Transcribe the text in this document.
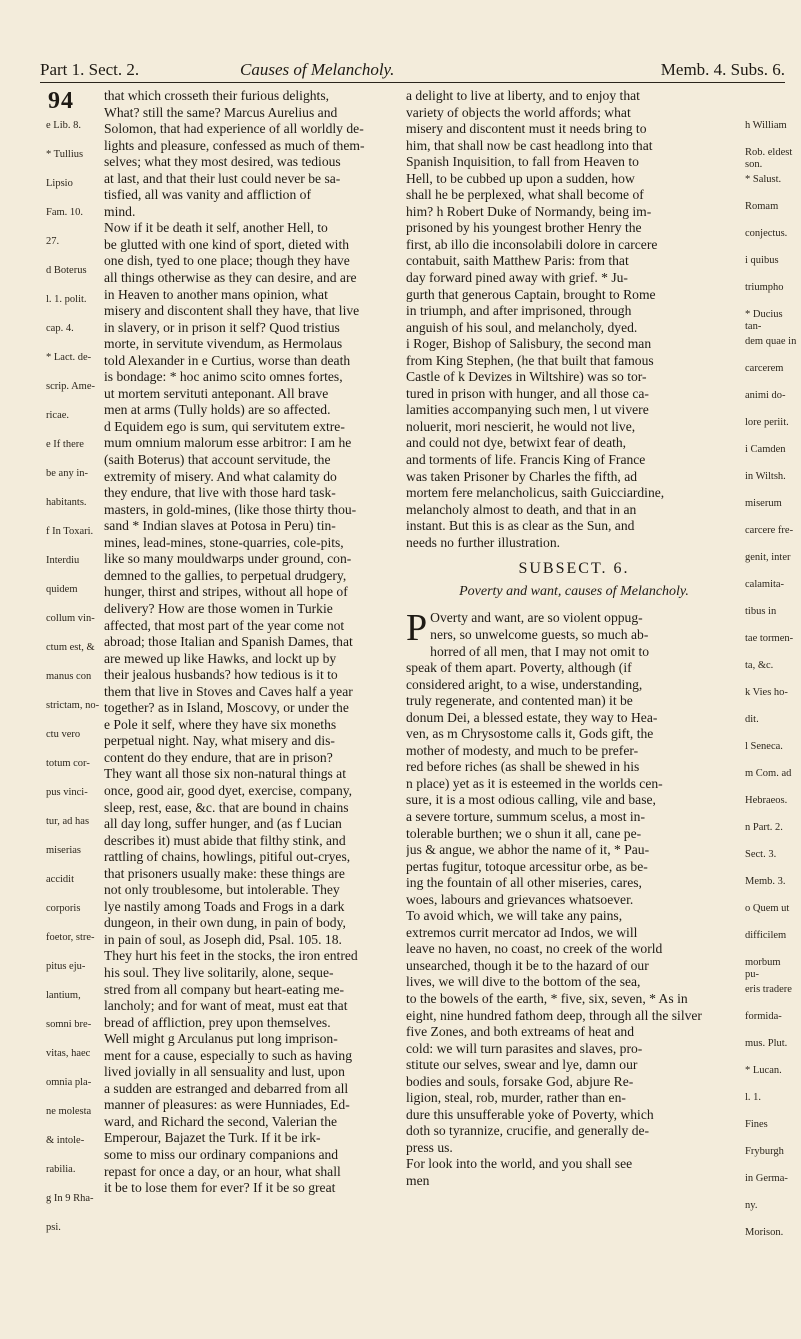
Part 1. Sect. 2.	Causes of Melancholy.	Memb. 4. Subs. 6.
94
e Lib. 8.
* Tullius
Lipsio
Fam. 10.
27.
d Boterus
l. 1. polit.
cap. 4.
* Lact. de-
scrip. Ame-
ricae.
e If there
be any in-
habitants.
f In Toxari.
Interdiu
quidem
collum vin-
ctum est, &
manus con
strictam, no-
ctu vero
totum cor-
pus vinci-
tur, ad has
miserias
accidit
corporis
foetor, stre-
pitus eju-
lantium,
somni bre-
vitas, haec
omnia pla-
ne molesta
& intole-
rabilia.
g In 9 Rha-
psi.
that which crosseth their furious delights,
What? still the same? Marcus Aurelius and
Solomon, that had experience of all worldly de-
lights and pleasure, confessed as much of them-
selves; what they most desired, was tedious
at last, and that their lust could never be sa-
tisfied, all was vanity and affliction of
mind.
Now if it be death it self, another Hell, to
be glutted with one kind of sport, dieted with
one dish, tyed to one place; though they have
all things otherwise as they can desire, and are
in Heaven to another mans opinion, what
misery and discontent shall they have, that live
in slavery, or in prison it self? Quod tristius
morte, in servitute vivendum, as Hermolaus
told Alexander in e Curtius, worse than death
is bondage: * hoc animo scito omnes fortes,
ut mortem servituti anteponant. All brave
men at arms (Tully holds) are so affected.
d Equidem ego is sum, qui servitutem extre-
mum omnium malorum esse arbitror: I am he
(saith Boterus) that account servitude, the
extremity of misery. And what calamity do
they endure, that live with those hard task-
masters, in gold-mines, (like those thirty thou-
sand * Indian slaves at Potosa in Peru) tin-
mines, lead-mines, stone-quarries, cole-pits,
like so many mouldwarps under ground, con-
demned to the gallies, to perpetual drudgery,
hunger, thirst and stripes, without all hope of
delivery? How are those women in Turkie
affected, that most part of the year come not
abroad; those Italian and Spanish Dames, that
are mewed up like Hawks, and lockt up by
their jealous husbands? how tedious is it to
them that live in Stoves and Caves half a year
together? as in Island, Moscovy, or under the
e Pole it self, where they have six moneths
perpetual night. Nay, what misery and dis-
content do they endure, that are in prison?
They want all those six non-natural things at
once, good air, good dyet, exercise, company,
sleep, rest, ease, &c. that are bound in chains
all day long, suffer hunger, and (as f Lucian
describes it) must abide that filthy stink, and
rattling of chains, howlings, pitiful out-cryes,
that prisoners usually make: these things are
not only troublesome, but intolerable. They
lye nastily among Toads and Frogs in a dark
dungeon, in their own dung, in pain of body,
in pain of soul, as Joseph did, Psal. 105. 18.
They hurt his feet in the stocks, the iron entred
his soul. They live solitarily, alone, seque-
stred from all company but heart-eating me-
lancholy; and for want of meat, must eat that
bread of affliction, prey upon themselves.
Well might g Arculanus put long imprison-
ment for a cause, especially to such as having
lived jovially in all sensuality and lust, upon
a sudden are estranged and debarred from all
manner of pleasures: as were Hunniades, Ed-
ward, and Richard the second, Valerian the
Emperour, Bajazet the Turk. If it be irk-
some to miss our ordinary companions and
repast for once a day, or an hour, what shall
it be to lose them for ever? If it be so great
a delight to live at liberty, and to enjoy that
variety of objects the world affords; what
misery and discontent must it needs bring to
him, that shall now be cast headlong into that
Spanish Inquisition, to fall from Heaven to
Hell, to be cubbed up upon a sudden, how
shall he be perplexed, what shall become of
him? h Robert Duke of Normandy, being im-
prisoned by his youngest brother Henry the
first, ab illo die inconsolabili dolore in carcere
contabuit, saith Matthew Paris: from that
day forward pined away with grief. * Ju-
gurth that generous Captain, brought to Rome
in triumph, and after imprisoned, through
anguish of his soul, and melancholy, dyed.
i Roger, Bishop of Salisbury, the second man
from King Stephen, (he that built that famous
Castle of k Devizes in Wiltshire) was so tor-
tured in prison with hunger, and all those ca-
lamities accompanying such men, l ut vivere
noluerit, mori nescierit, he would not live,
and could not dye, betwixt fear of death,
and torments of life. Francis King of France
was taken Prisoner by Charles the fifth, ad
mortem fere melancholicus, saith Guicciardine,
melancholy almost to death, and that in an
instant. But this is as clear as the Sun, and
needs no further illustration.
SUBSECT. 6.
Poverty and want, causes of Melancholy.
P Overty and want, are so violent oppug-
ners, so unwelcome guests, so much ab-
horred of all men, that I may not omit to
speak of them apart. Poverty, although (if
considered aright, to a wise, understanding,
truly regenerate, and contented man) it be
donum Dei, a blessed estate, they way to Hea-
ven, as m Chrysostome calls it, Gods gift, the
mother of modesty, and much to be prefer-
red before riches (as shall be shewed in his
n place) yet as it is esteemed in the worlds cen-
sure, it is a most odious calling, vile and base,
a severe torture, summum scelus, a most in-
tolerable burthen; we o shun it all, cane pe-
jus & angue, we abhor the name of it, * Pau-
pertas fugitur, totoque arcessitur orbe, as be-
ing the fountain of all other miseries, cares,
woes, labours and grievances whatsoever.
To avoid which, we will take any pains,
extremos currit mercator ad Indos, we will
leave no haven, no coast, no creek of the world
unsearched, though it be to the hazard of our
lives, we will dive to the bottom of the sea,
to the bowels of the earth, * five, six, seven, * As in
eight, nine hundred fathom deep, through all the silver
five Zones, and both extreams of heat and
cold: we will turn parasites and slaves, pro-
stitute our selves, swear and lye, damn our
bodies and souls, forsake God, abjure Re-
ligion, steal, rob, murder, rather than en-
dure this unsufferable yoke of Poverty, which
doth so tyrannize, crucifie, and generally de-
press us.
For look into the world, and you shall see
men
h William
Rob. eldest son.
* Salust.
Romam
conjectus.
i quibus
triumpho
* Ducius tan-
dem quae in
carcerem
animi do-
lore periit.
i Camden
in Wiltsh.
miserum
carcere fre-
genit, inter
calamita-
tibus in
tae tormen-
ta, &c.
k Vies ho-
dit.
l Seneca.
m Com. ad
Hebraeos.
n Part. 2.
Sect. 3.
Memb. 3.
o Quem ut
difficilem
morbum pu-
eris tradere
formida-
mus. Plut.
* Lucan.
l. 1.
Fines
Fryburgh
in Germa-
ny.
Morison.
